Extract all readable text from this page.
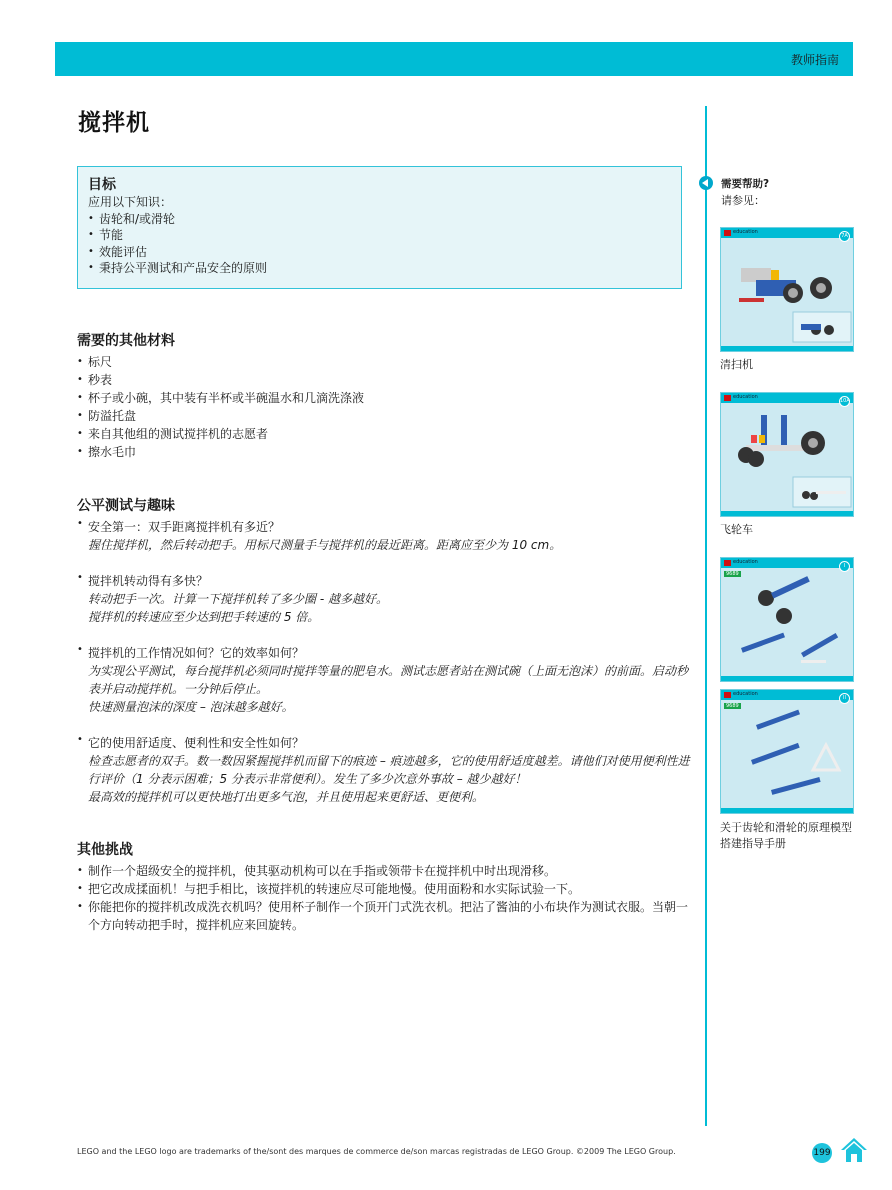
教师指南
搅拌机
目标
应用以下知识：
• 齿轮和/或滑轮
• 节能
• 效能评估
• 秉持公平测试和产品安全的原则
需要的其他材料
• 标尺
• 秒表
• 杯子或小碗，其中装有半杯或半碗温水和几滴洗涤液
• 防溢托盘
• 来自其他组的测试搅拌机的志愿者
• 擦水毛巾
公平测试与趣味
• 安全第一：双手距离搅拌机有多近？
握住搅拌机，然后转动把手。用标尺测量手与搅拌机的最近距离。距离应至少为 10 cm。
• 搅拌机转动得有多快？
转动把手一次。计算一下搅拌机转了多少圈 - 越多越好。
搅拌机的转速应至少达到把手转速的 5 倍。
• 搅拌机的工作情况如何？它的效率如何？
为实现公平测试，每台搅拌机必须同时搅拌等量的肥皂水。测试志愿者站在测试碗（上面无泡沫）的前面。启动秒表并启动搅拌机。一分钟后停止。
快速测量泡沫的深度 – 泡沫越多越好。
• 它的使用舒适度、便利性和安全性如何？
检查志愿者的双手。数一数因紧握搅拌机而留下的痕迹 – 痕迹越多，它的使用舒适度越差。请他们对使用便利性进行评价（1 分表示困难；5 分表示非常便利）。发生了多少次意外事故 – 越少越好！
最高效的搅拌机可以更快地打出更多气泡，并且使用起来更舒适、更便利。
其他挑战
• 制作一个超级安全的搅拌机，使其驱动机构可以在手指或领带卡在搅拌机中时出现滑移。
• 把它改成揉面机！与把手相比，该搅拌机的转速应尽可能地慢。使用面粉和水实际试验一下。
• 你能把你的搅拌机改成洗衣机吗？使用杯子制作一个顶开门式洗衣机。把沾了酱油的小布块作为测试衣服。当朝一个方向转动把手时，搅拌机应来回旋转。
需要帮助?
请参见：
education
7A
清扫机
education
10A
飞轮车
education
I
9689
education
II
9689
关于齿轮和滑轮的原理模型搭建指导手册
LEGO and the LEGO logo are trademarks of the/sont des marques de commerce de/son marcas registradas de LEGO Group. ©2009 The LEGO Group.	199
